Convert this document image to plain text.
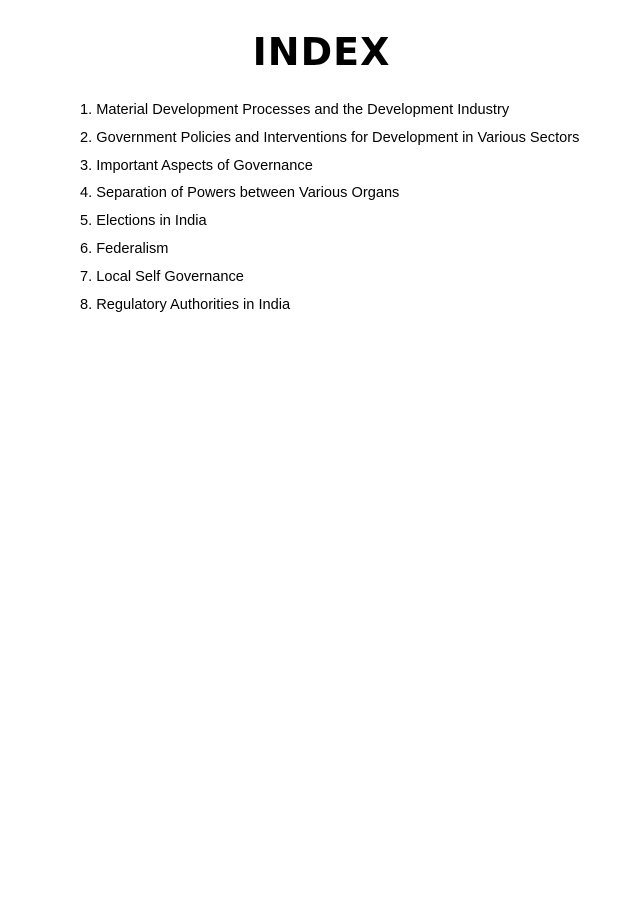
INDEX
1. Material Development Processes and the Development Industry
2. Government Policies and Interventions for Development in Various Sectors
3. Important Aspects of Governance
4. Separation of Powers between Various Organs
5. Elections in India
6. Federalism
7. Local Self Governance
8. Regulatory Authorities in India
